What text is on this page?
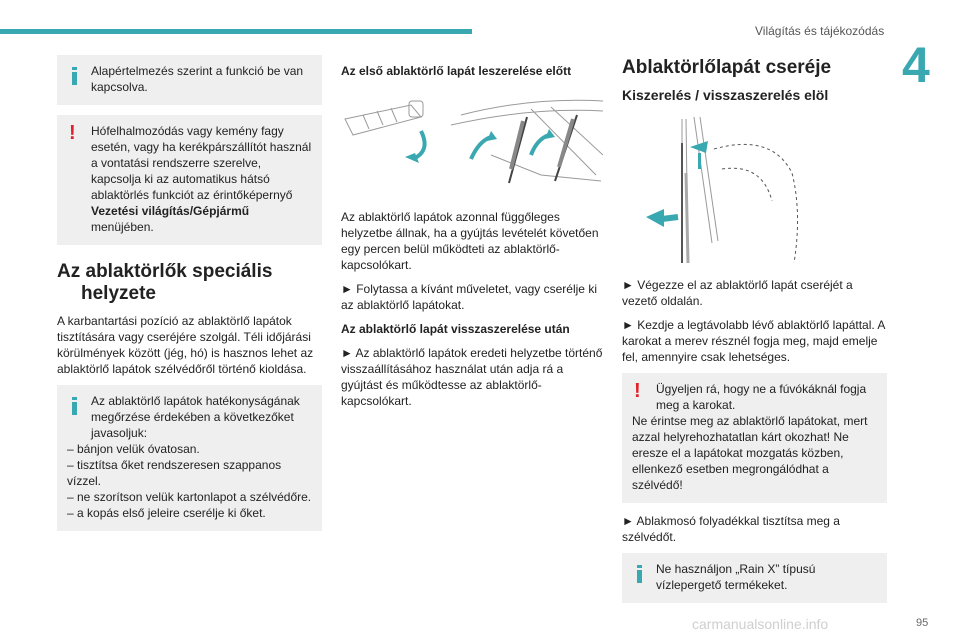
Világítás és tájékozódás
4
Alapértelmezés szerint a funkció be van kapcsolva.
!	Hófelhalmozódás vagy kemény fagy esetén, vagy ha kerékpárszállítót használ a vontatási rendszerre szerelve, kapcsolja ki az automatikus hátsó ablaktörlés funkciót az érintőképernyő Vezetési világítás/Gépjármű menüjében.
Az ablaktörlők speciális
helyzete

A karbantartási pozíció az ablaktörlő lapátok tisztítására vagy cseréjére szolgál. Téli időjárási körülmények között (jég, hó) is hasznos lehet az ablaktörlő lapátok szélvédőről történő kioldása.

Az ablaktörlő lapátok hatékonyságának megőrzése érdekében a következőket javasoljuk:
– bánjon velük óvatosan.
– tisztítsa őket rendszeresen szappanos vízzel.
– ne szorítson velük kartonlapot a szélvédőre.
– a kopás első jeleire cserélje ki őket.
Az első ablaktörlő lapát leszerelése előtt

Az ablaktörlő lapátok azonnal függőleges helyzetbe állnak, ha a gyújtás levételét követően egy percen belül működteti az ablaktörlő-kapcsolókart.

► Folytassa a kívánt műveletet, vagy cserélje ki az ablaktörlő lapátokat.

Az ablaktörlő lapát visszaszerelése után

► Az ablaktörlő lapátok eredeti helyzetbe történő visszaállításához használat után adja rá a gyújtást és működtesse az ablaktörlő-kapcsolókart.

Ablaktörlőlapát cseréje
Kiszerelés / visszaszerelés elöl

► Végezze el az ablaktörlő lapát cseréjét a vezető oldalán.

► Kezdje a legtávolabb lévő ablaktörlő lapáttal. A karokat a merev résznél fogja meg, majd emelje fel, amennyire csak lehetséges.

!	Ügyeljen rá, hogy ne a fúvókáknál fogja meg a karokat.
Ne érintse meg az ablaktörlő lapátokat, mert azzal helyrehozhatatlan kárt okozhat! Ne eresze el a lapátokat mozgatás közben, ellenkező esetben megrongálódhat a szélvédő!

► Ablakmosó folyadékkal tisztítsa meg a szélvédőt.

Ne használjon „Rain X” típusú vízlepergető termékeket.
carmanualsonline.info	95
